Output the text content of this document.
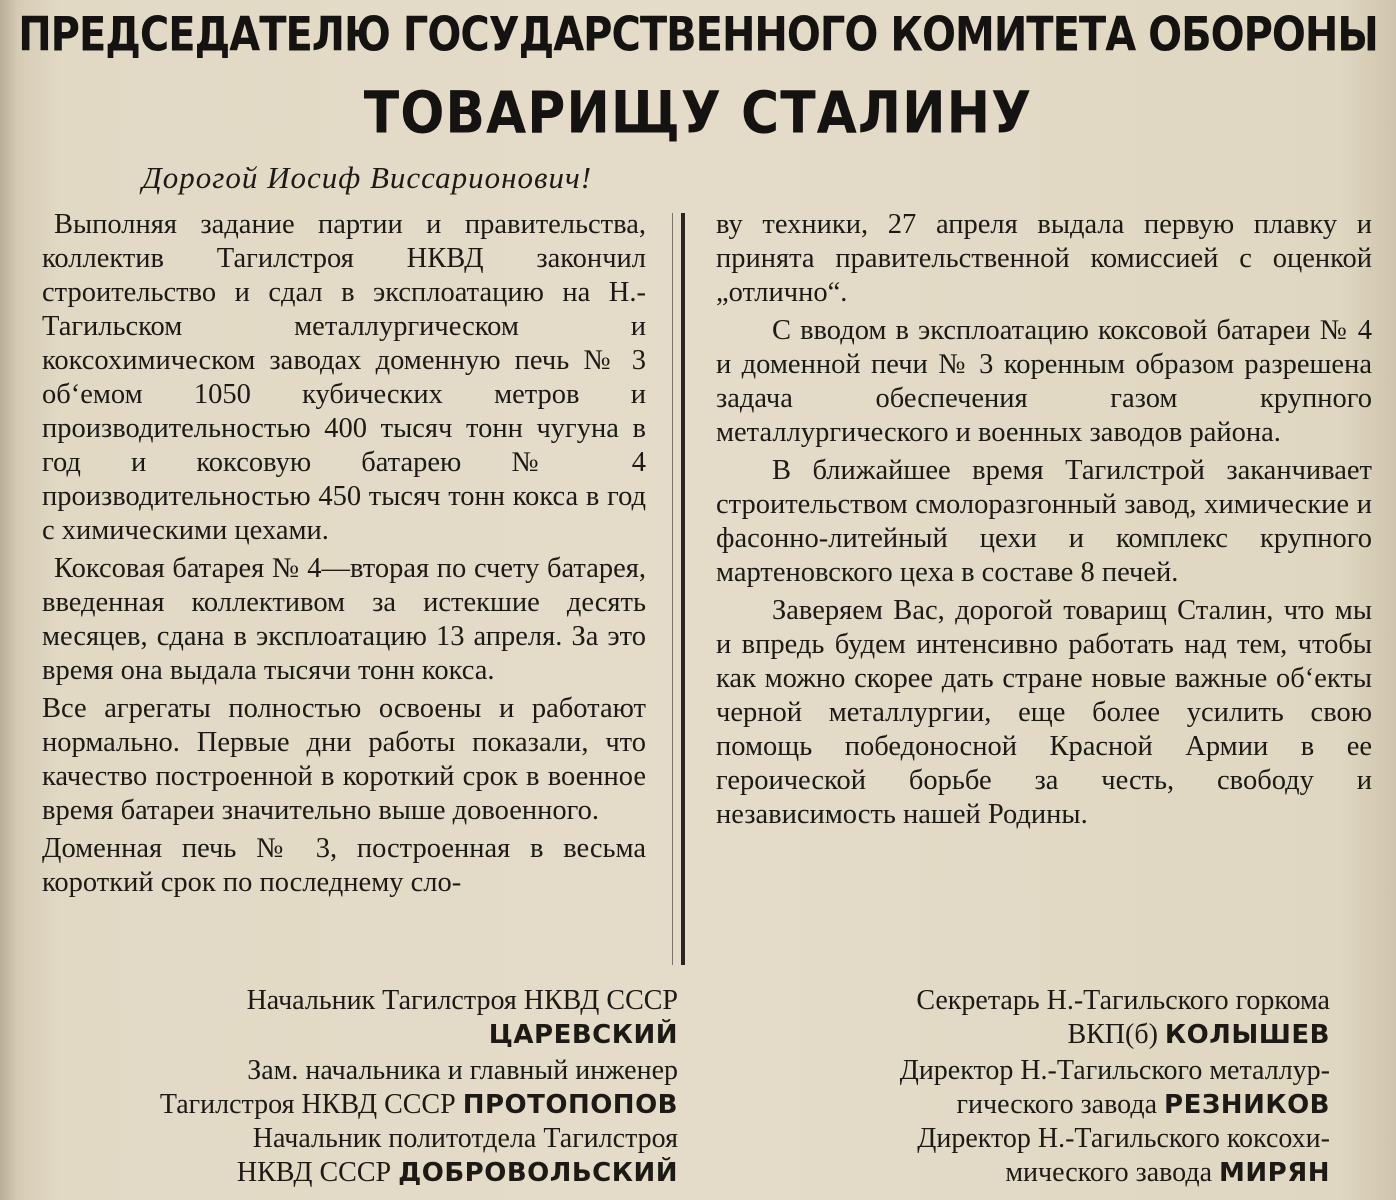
ПРЕДСЕДАТЕЛЮ ГОСУДАРСТВЕННОГО КОМИТЕТА ОБОРОНЫ
ТОВАРИЩУ СТАЛИНУ
Дорогой Иосиф Виссарионович!

Выполняя задание партии и правительства, коллектив Тагилстроя НКВД закончил строительство и сдал в эксплоатацию на Н.-Тагильском металлургическом и коксохимическом заводах доменную печь № 3 об‘емом 1050 кубических метров и производительностью 400 тысяч тонн чугуна в год и коксовую батарею № 4 производительностью 450 тысяч тонн кокса в год с химическими цехами.

Коксовая батарея № 4—вторая по счету батарея, введенная коллективом за истекшие десять месяцев, сдана в эксплоатацию 13 апреля. За это время она выдала тысячи тонн кокса.

Все агрегаты полностью освоены и работают нормально. Первые дни работы показали, что качество построенной в короткий срок в военное время батареи значительно выше довоенного.

Доменная печь № 3, построенная в весьма короткий срок по последнему сло-

ву техники, 27 апреля выдала первую плавку и принята правительственной комиссией с оценкой „отлично“.

С вводом в эксплоатацию коксовой батареи № 4 и доменной печи № 3 коренным образом разрешена задача обеспечения газом крупного металлургического и военных заводов района.

В ближайшее время Тагилстрой заканчивает строительством смолоразгонный завод, химические и фасонно-литейный цехи и комплекс крупного мартеновского цеха в составе 8 печей.

Заверяем Вас, дорогой товарищ Сталин, что мы и впредь будем интенсивно работать над тем, чтобы как можно скорее дать стране новые важные об‘екты черной металлургии, еще более усилить свою помощь победоносной Красной Армии в ее героической борьбе за честь, свободу и независимость нашей Родины.

Начальник Тагилстроя НКВД СССР
ЦАРЕВСКИЙ
Зам. начальника и главный инженер
Тагилстроя НКВД СССР ПРОТОПОПОВ
Начальник политотдела Тагилстроя
НКВД СССР ДОБРОВОЛЬСКИЙ
Секретарь Н.-Тагильского горкома
ВКП(б) КОЛЫШЕВ
Директор Н.-Тагильского металлур-
гического завода РЕЗНИКОВ
Директор Н.-Тагильского коксохи-
мического завода МИРЯН
